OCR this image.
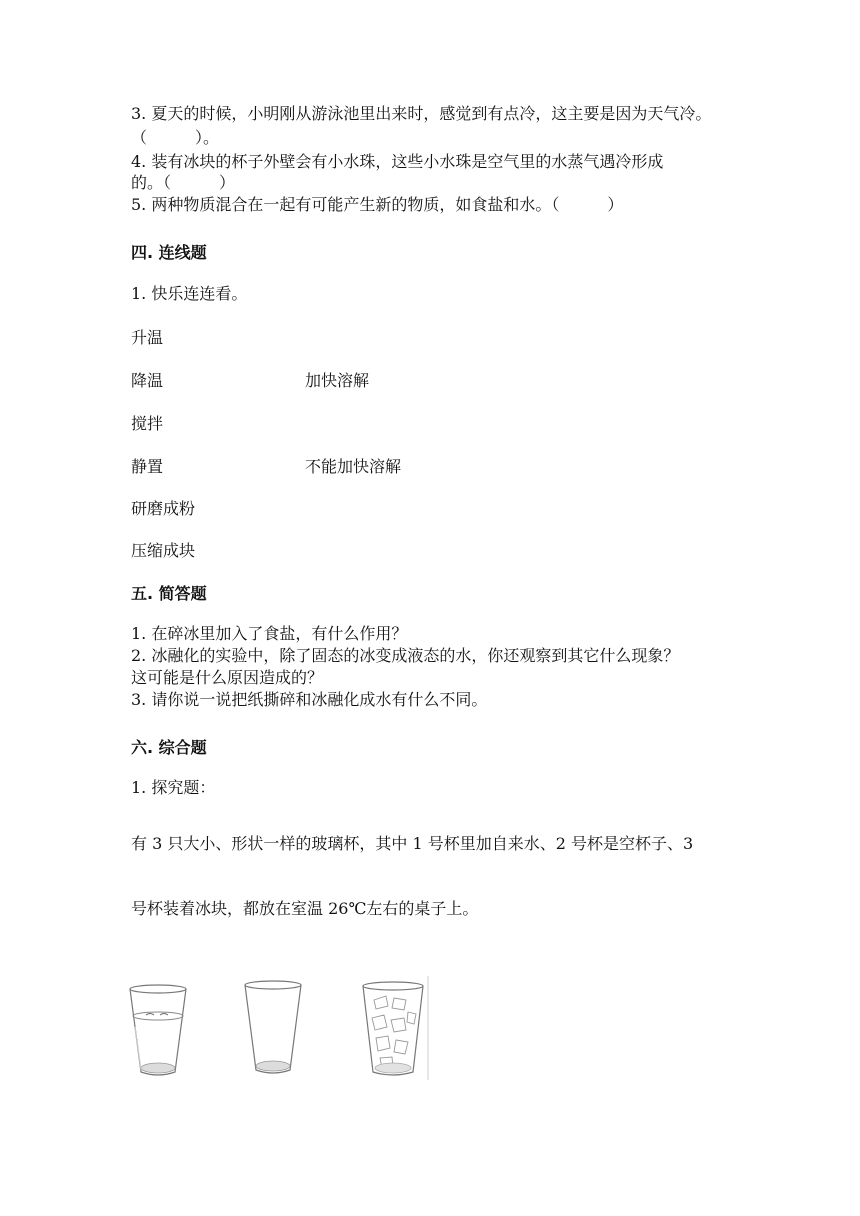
3. 夏天的时候，小明刚从游泳池里出来时，感觉到有点冷，这主要是因为天气冷。
（　　　）。
4. 装有冰块的杯子外壁会有小水珠，这些小水珠是空气里的水蒸气遇冷形成
的。（　　　）
5. 两种物质混合在一起有可能产生新的物质，如食盐和水。（　　　）
四. 连线题
1. 快乐连连看。
升温
降温
搅拌
静置
研磨成粉
压缩成块
加快溶解
不能加快溶解
五. 简答题
1. 在碎冰里加入了食盐，有什么作用？
2. 冰融化的实验中，除了固态的冰变成液态的水，你还观察到其它什么现象？
这可能是什么原因造成的？
3. 请你说一说把纸撕碎和冰融化成水有什么不同。
六. 综合题
1. 探究题：
有 3 只大小、形状一样的玻璃杯，其中 1 号杯里加自来水、2 号杯是空杯子、3
号杯装着冰块，都放在室温 26℃左右的桌子上。
